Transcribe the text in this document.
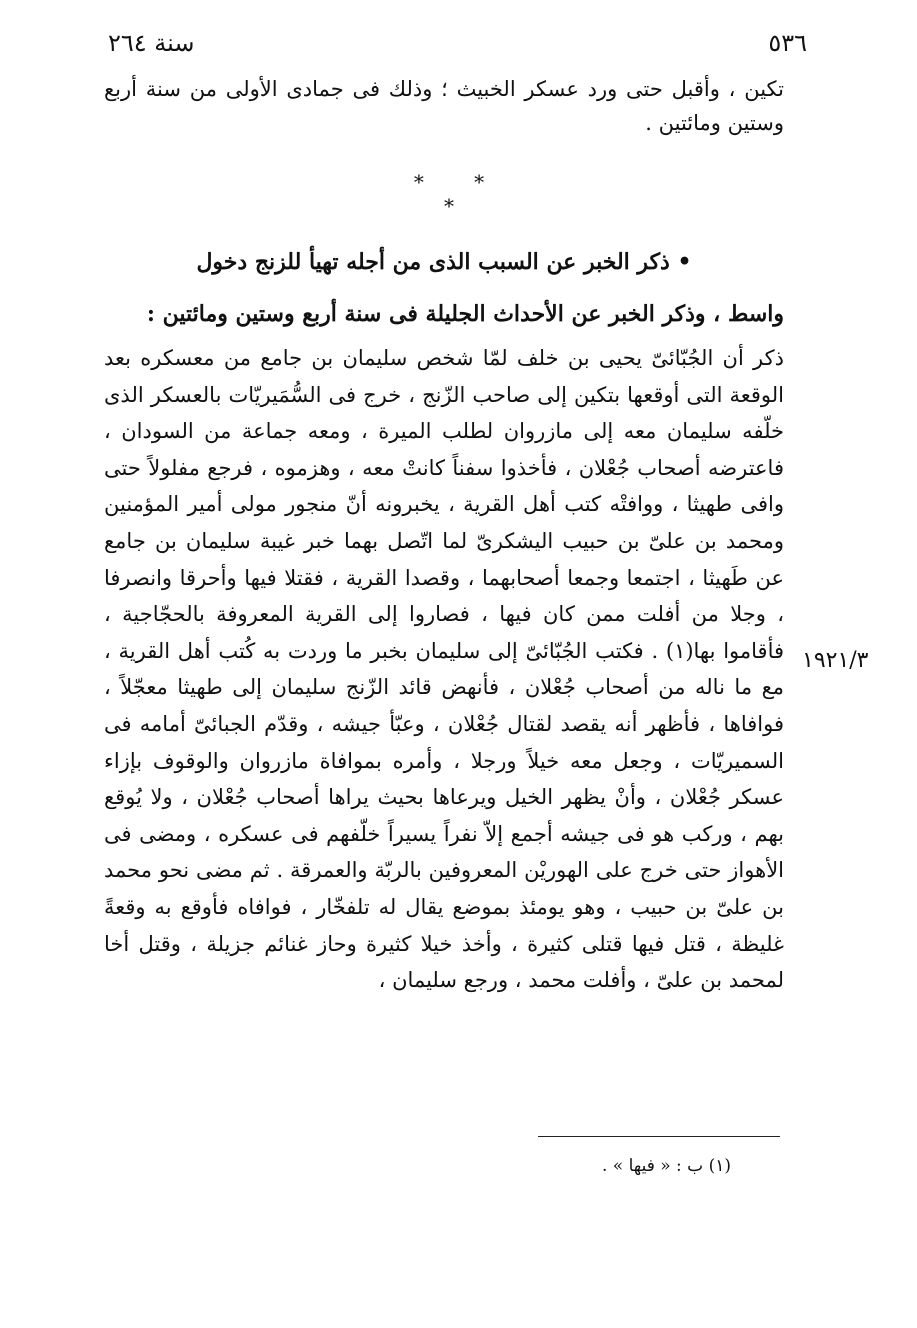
٥٣٦
سنة ٢٦٤

تكين ، وأقبل حتى ورد عسكر الخبيث ؛ وذلك فى جمادى الأولى من سنة أربع وستين ومائتين .

* * *
• ذكر الخبر عن السبب الذى من أجله تهيأ للزنج دخول
واسط ، وذكر الخبر عن الأحداث الجليلة فى سنة أربع وستين ومائتين :

ذكر أن الجُبّائىّ يحيى بن خلف لمّا شخص سليمان بن جامع من معسكره بعد الوقعة التى أوقعها بتكين إلى صاحب الزّنج ، خرج فى السُّمَيريّات بالعسكر الذى خلّفه سليمان معه إلى مازروان لطلب الميرة ، ومعه جماعة من السودان ، فاعترضه أصحاب جُعْلان ، فأخذوا سفناً كانتْ معه ، وهزموه ، فرجع مفلولاً حتى وافى طهيثا ، ووافتْه كتب أهل القرية ، يخبرونه أنّ منجور مولى أمير المؤمنين ومحمد بن علىّ بن حبيب اليشكرىّ لما اتّصل بهما خبر غيبة سليمان بن جامع عن طَهيثا ، اجتمعا وجمعا أصحابهما ، وقصدا القرية ، فقتلا فيها وأحرقا وانصرفا ، وجلا من أفلت ممن كان فيها ، فصاروا إلى القرية المعروفة بالحجّاجية ، فأقاموا بها(١) . فكتب الجُبّائىّ إلى سليمان بخبر ما وردت به كُتب أهل القرية ، مع ما ناله من أصحاب جُعْلان ، فأنهض قائد الزّنج سليمان إلى طهيثا معجّلاً ، فوافاها ، فأظهر أنه يقصد لقتال جُعْلان ، وعبّأ جيشه ، وقدّم الجبائىّ أمامه فى السميريّات ، وجعل معه خيلاً ورجلا ، وأمره بموافاة مازروان والوقوف بإزاء عسكر جُعْلان ، وأنْ يظهر الخيل ويرعاها بحيث يراها أصحاب جُعْلان ، ولا يُوقع بهم ، وركب هو فى جيشه أجمع إلاّ نفراً يسيراً خلّفهم فى عسكره ، ومضى فى الأهواز حتى خرج على الهوريْن المعروفين بالربّة والعمرقة . ثم مضى نحو محمد بن علىّ بن حبيب ، وهو يومئذ بموضع يقال له تلفخّار ، فوافاه فأوقع به وقعةً غليظة ، قتل فيها قتلى كثيرة ، وأخذ خيلا كثيرة وحاز غنائم جزيلة ، وقتل أخا لمحمد بن علىّ ، وأفلت محمد ، ورجع سليمان ،

١٩٢١/٣
(١) ب : « فيها » .
